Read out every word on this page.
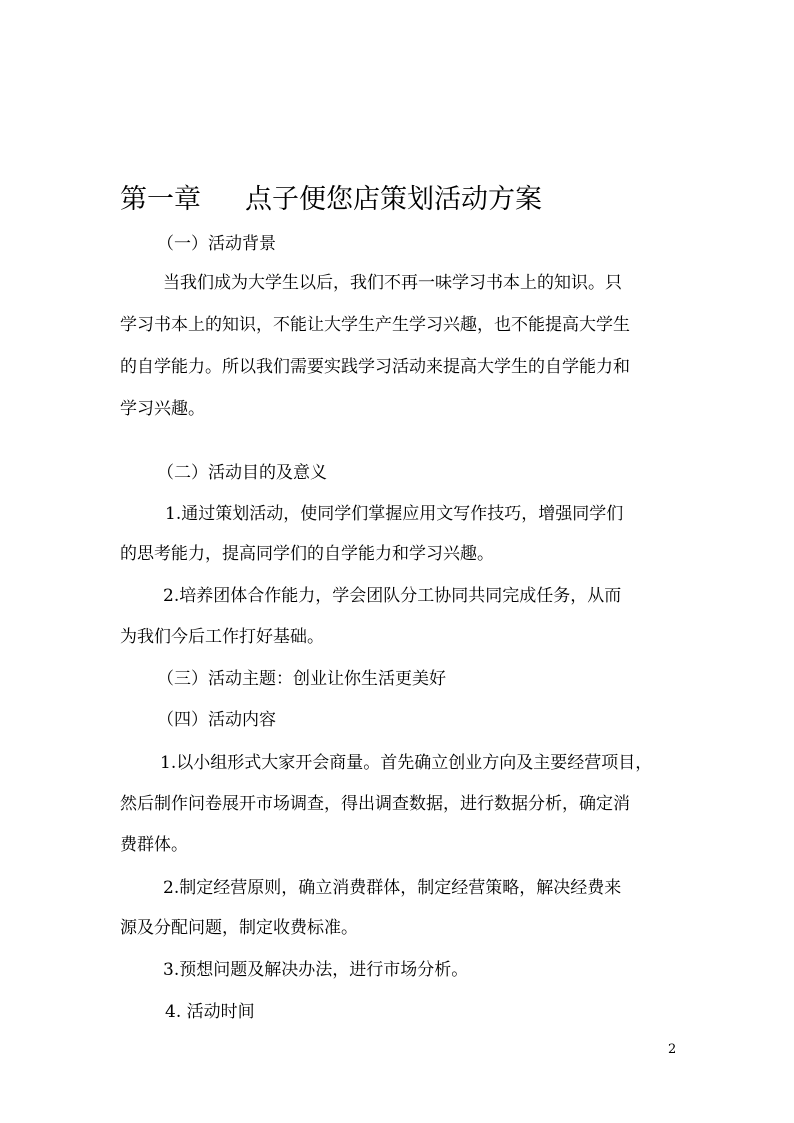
第一章 点子便您店策划活动方案
（一）活动背景
当我们成为大学生以后，我们不再一味学习书本上的知识。只
学习书本上的知识，不能让大学生产生学习兴趣，也不能提高大学生
的自学能力。所以我们需要实践学习活动来提高大学生的自学能力和
学习兴趣。
（二）活动目的及意义
1.通过策划活动，使同学们掌握应用文写作技巧，增强同学们
的思考能力，提高同学们的自学能力和学习兴趣。
2.培养团体合作能力，学会团队分工协同共同完成任务，从而
为我们今后工作打好基础。
（三）活动主题：创业让你生活更美好
（四）活动内容
1.以小组形式大家开会商量。首先确立创业方向及主要经营项目，
然后制作问卷展开市场调查，得出调查数据，进行数据分析，确定消
费群体。
2.制定经营原则，确立消费群体，制定经营策略，解决经费来
源及分配问题，制定收费标准。
3.预想问题及解决办法，进行市场分析。
4. 活动时间
2
